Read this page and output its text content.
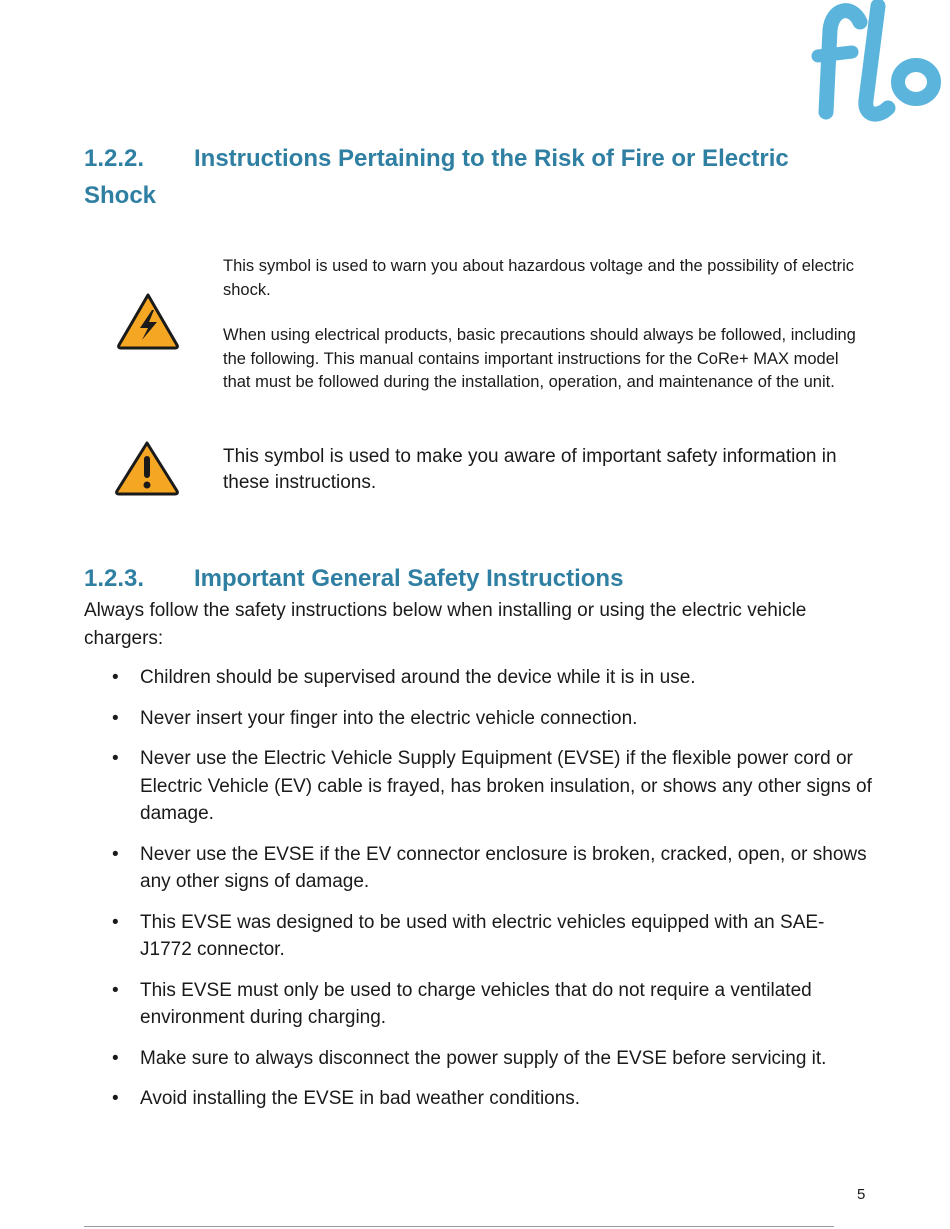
®
1.2.2. Instructions Pertaining to the Risk of Fire or Electric Shock

This symbol is used to warn you about hazardous voltage and the possibility of electric shock.

When using electrical products, basic precautions should always be followed, including the following. This manual contains important instructions for the CoRe+ MAX model that must be followed during the installation, operation, and maintenance of the unit.

This symbol is used to make you aware of important safety information in these instructions.

1.2.3. Important General Safety Instructions

Always follow the safety instructions below when installing or using the electric vehicle chargers:

• Children should be supervised around the device while it is in use.
• Never insert your finger into the electric vehicle connection.
• Never use the Electric Vehicle Supply Equipment (EVSE) if the flexible power cord or Electric Vehicle (EV) cable is frayed, has broken insulation, or shows any other signs of damage.
• Never use the EVSE if the EV connector enclosure is broken, cracked, open, or shows any other signs of damage.
• This EVSE was designed to be used with electric vehicles equipped with an SAE-J1772 connector.
• This EVSE must only be used to charge vehicles that do not require a ventilated environment during charging.
• Make sure to always disconnect the power supply of the EVSE before servicing it.
• Avoid installing the EVSE in bad weather conditions.
5
